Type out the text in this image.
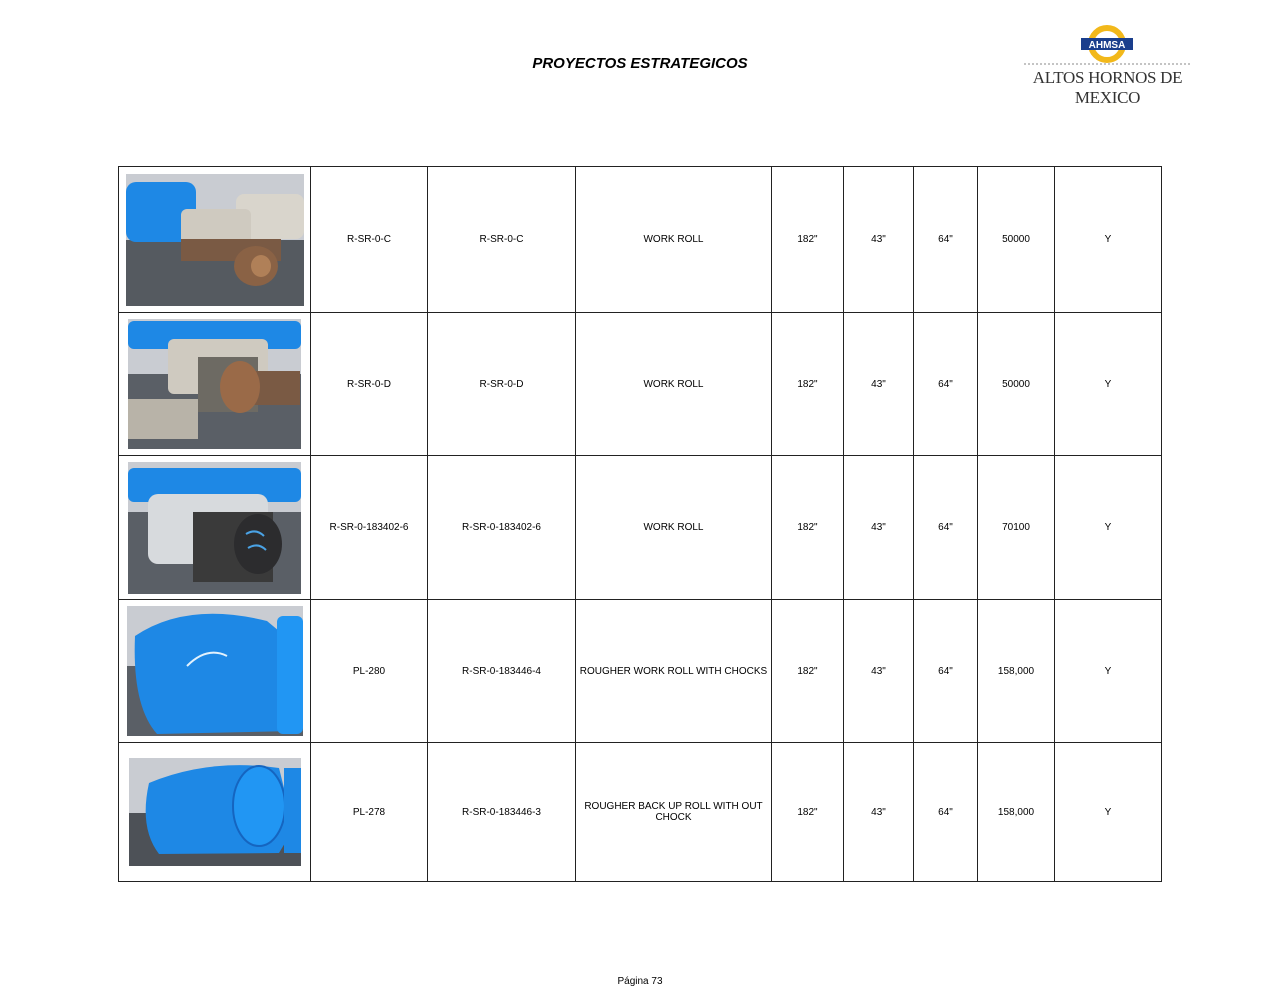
PROYECTOS ESTRATEGICOS
AHMSA
ALTOS HORNOS DE MEXICO
	R-SR-0-C	R-SR-0-C	WORK ROLL	182"	43"	64"	50000	Y

	R-SR-0-D	R-SR-0-D	WORK ROLL	182"	43"	64"	50000	Y

	R-SR-0-183402-6	R-SR-0-183402-6	WORK ROLL	182"	43"	64"	70100	Y

	PL-280	R-SR-0-183446-4	ROUGHER WORK ROLL WITH CHOCKS	182"	43"	64"	158,000	Y

	PL-278	R-SR-0-183446-3	ROUGHER BACK UP ROLL WITH OUT CHOCK	182"	43"	64"	158,000	Y
Página 73
